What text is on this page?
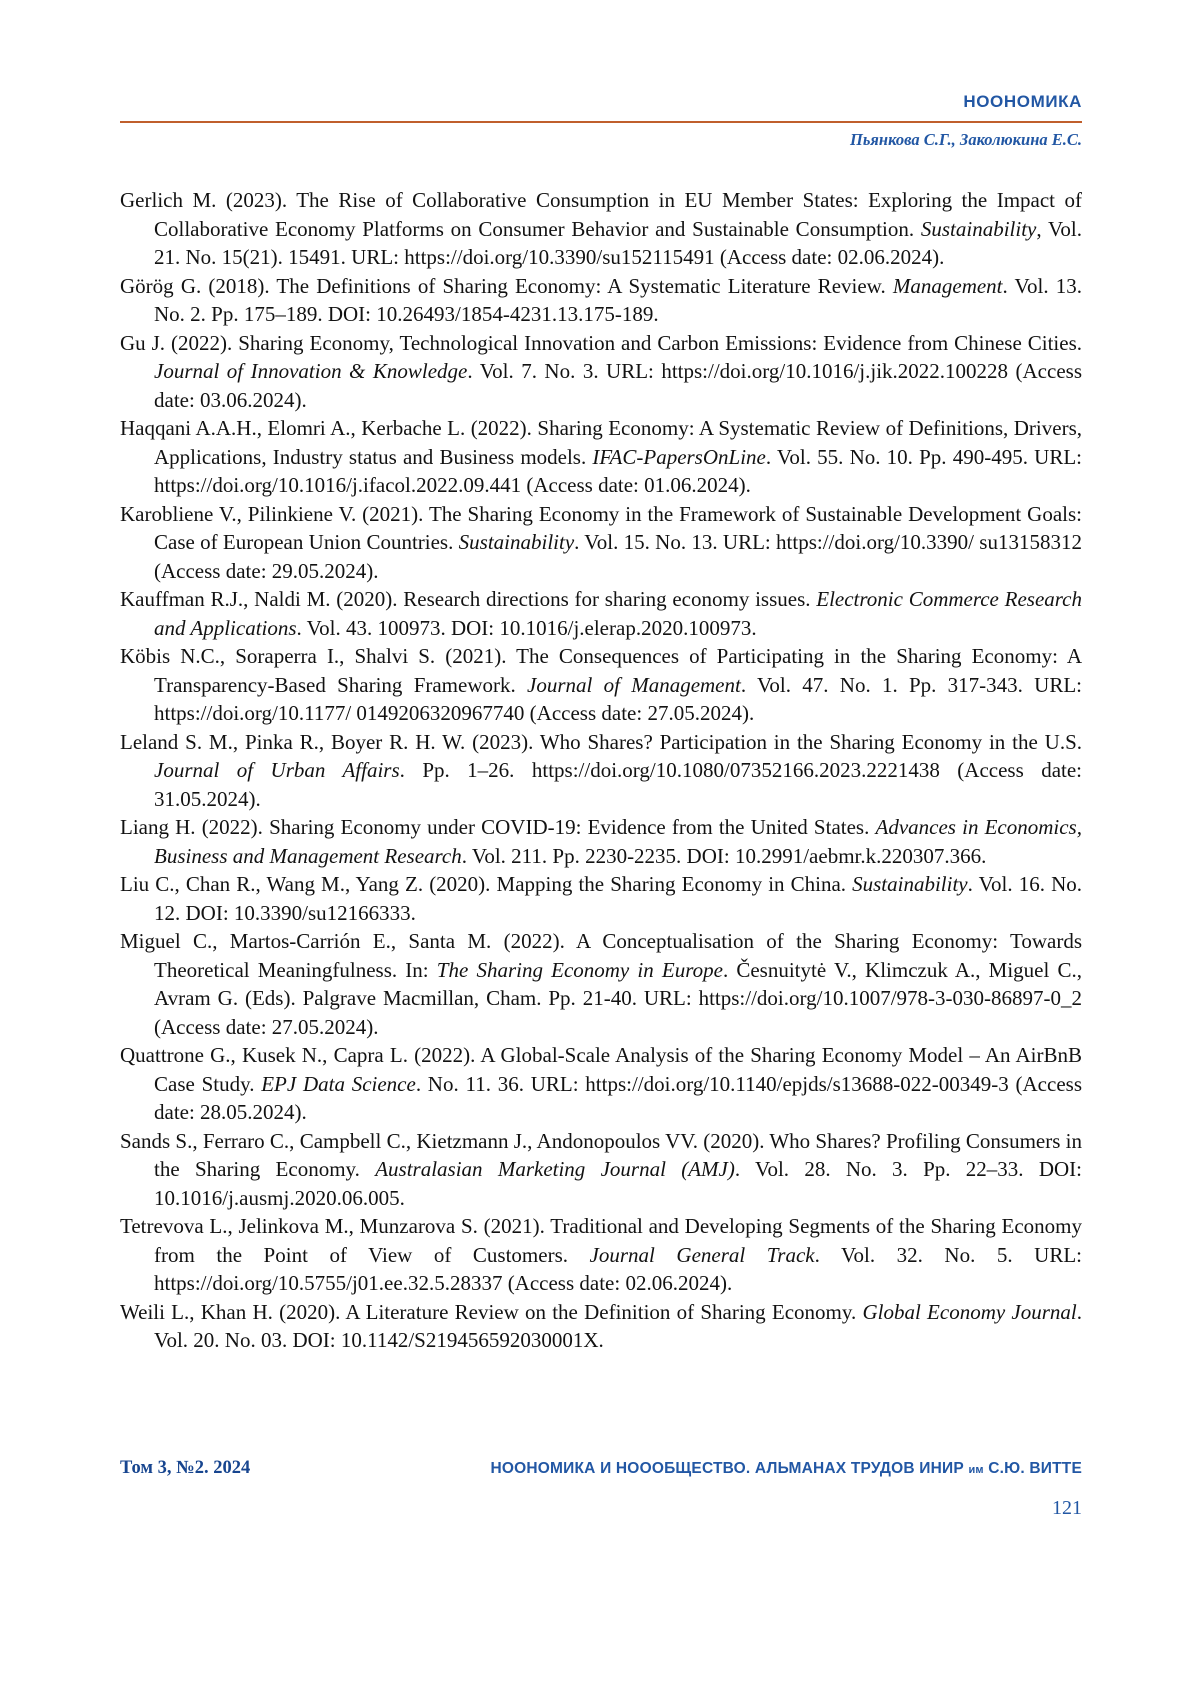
НООНОМИКА
Пьянкова С.Г., Заколюкина Е.С.

Gerlich M. (2023). The Rise of Collaborative Consumption in EU Member States: Exploring the Impact of Collaborative Economy Platforms on Consumer Behavior and Sustainable Consumption. Sustainability, Vol. 21. No. 15(21). 15491. URL: https://doi.org/10.3390/su152115491 (Access date: 02.06.2024).

Görög G. (2018). The Definitions of Sharing Economy: A Systematic Literature Review. Management. Vol. 13. No. 2. Pp. 175–189. DOI: 10.26493/1854-4231.13.175-189.

Gu J. (2022). Sharing Economy, Technological Innovation and Carbon Emissions: Evidence from Chinese Cities. Journal of Innovation & Knowledge. Vol. 7. No. 3. URL: https://doi.org/10.1016/j.jik.2022.100228 (Access date: 03.06.2024).

Haqqani A.A.H., Elomri A., Kerbache L. (2022). Sharing Economy: A Systematic Review of Definitions, Drivers, Applications, Industry status and Business models. IFAC-PapersOnLine. Vol. 55. No. 10. Pp. 490-495. URL: https://doi.org/10.1016/j.ifacol.2022.09.441 (Access date: 01.06.2024).

Karobliene V., Pilinkiene V. (2021). The Sharing Economy in the Framework of Sustainable Development Goals: Case of European Union Countries. Sustainability. Vol. 15. No. 13. URL: https://doi.org/10.3390/ su13158312 (Access date: 29.05.2024).

Kauffman R.J., Naldi M. (2020). Research directions for sharing economy issues. Electronic Commerce Research and Applications. Vol. 43. 100973. DOI: 10.1016/j.elerap.2020.100973.

Köbis N.C., Soraperra I., Shalvi S. (2021). The Consequences of Participating in the Sharing Economy: A Transparency-Based Sharing Framework. Journal of Management. Vol. 47. No. 1. Pp. 317-343. URL: https://doi.org/10.1177/ 0149206320967740 (Access date: 27.05.2024).

Leland S. M., Pinka R., Boyer R. H. W. (2023). Who Shares? Participation in the Sharing Economy in the U.S. Journal of Urban Affairs. Pp. 1–26. https://doi.org/10.1080/07352166.2023.2221438 (Access date: 31.05.2024).

Liang H. (2022). Sharing Economy under COVID-19: Evidence from the United States. Advances in Economics, Business and Management Research. Vol. 211. Pp. 2230-2235. DOI: 10.2991/aebmr.k.220307.366.

Liu C., Chan R., Wang M., Yang Z. (2020). Mapping the Sharing Economy in China. Sustainability. Vol. 16. No. 12. DOI: 10.3390/su12166333.

Miguel C., Martos-Carrión E., Santa M. (2022). A Conceptualisation of the Sharing Economy: Towards Theoretical Meaningfulness. In: The Sharing Economy in Europe. Česnuitytė V., Klimczuk A., Miguel C., Avram G. (Eds). Palgrave Macmillan, Cham. Pp. 21-40. URL: https://doi.org/10.1007/978-3-030-86897-0_2 (Access date: 27.05.2024).

Quattrone G., Kusek N., Capra L. (2022). A Global-Scale Analysis of the Sharing Economy Model – An AirBnB Case Study. EPJ Data Science. No. 11. 36. URL: https://doi.org/10.1140/epjds/s13688-022-00349-3 (Access date: 28.05.2024).

Sands S., Ferraro C., Campbell C., Kietzmann J., Andonopoulos VV. (2020). Who Shares? Profiling Consumers in the Sharing Economy. Australasian Marketing Journal (AMJ). Vol. 28. No. 3. Pp. 22–33. DOI: 10.1016/j.ausmj.2020.06.005.

Tetrevova L., Jelinkova M., Munzarova S. (2021). Traditional and Developing Segments of the Sharing Economy from the Point of View of Customers. Journal General Track. Vol. 32. No. 5. URL: https://doi.org/10.5755/j01.ee.32.5.28337 (Access date: 02.06.2024).

Weili L., Khan H. (2020). A Literature Review on the Definition of Sharing Economy. Global Economy Journal. Vol. 20. No. 03. DOI: 10.1142/S219456592030001X.

Том 3, №2. 2024	НООНОМИКА И НОООБЩЕСТВО. АЛЬМАНАХ ТРУДОВ ИНИР им С.Ю. ВИТТЕ
121
